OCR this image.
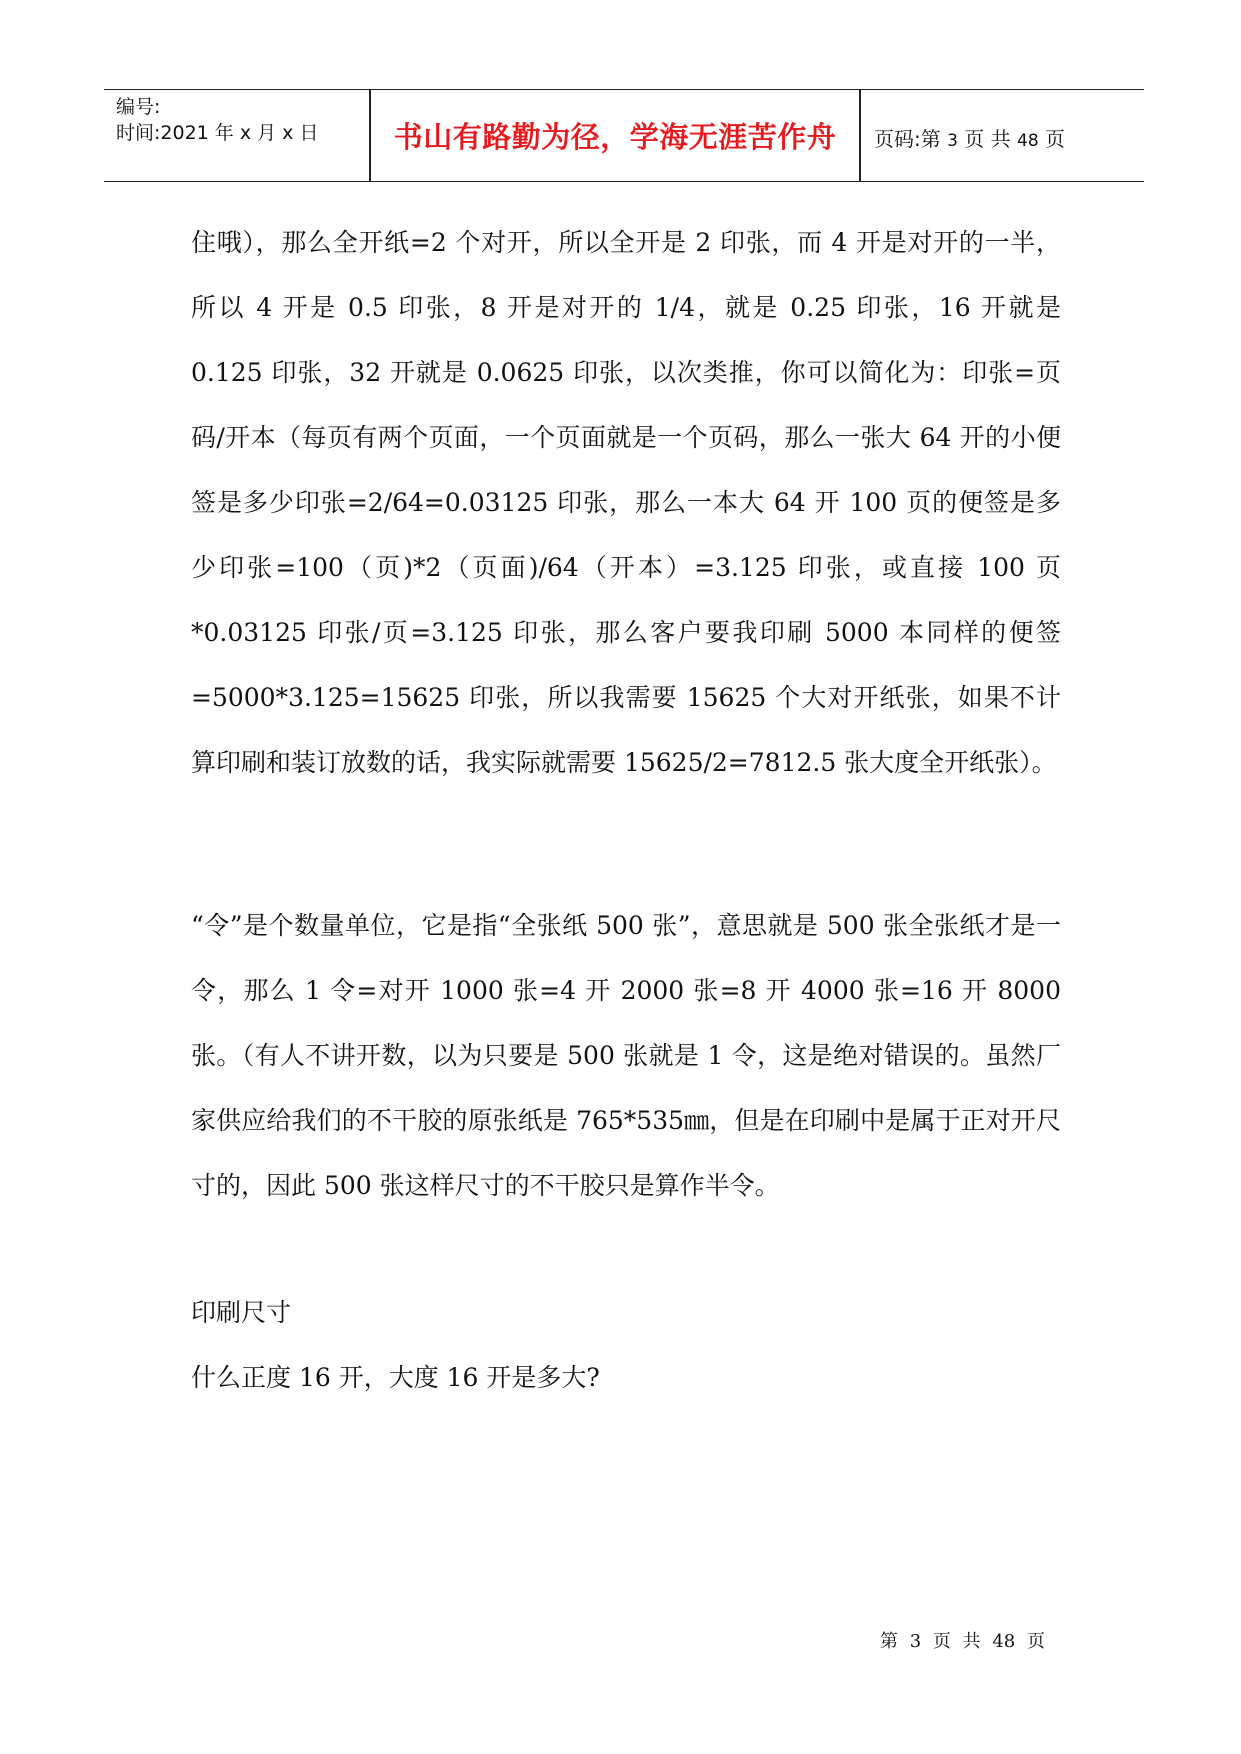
编号:
时间:2021 年 x 月 x 日	书山有路勤为径，学海无涯苦作舟	页码:第 3 页 共 48 页

住哦），那么全开纸=2 个对开，所以全开是 2 印张，而 4 开是对开的一半，所以 4 开是 0.5 印张，8 开是对开的 1/4，就是 0.25 印张，16 开就是 0.125 印张，32 开就是 0.0625 印张，以次类推，你可以简化为：印张=页码/开本（每页有两个页面，一个页面就是一个页码，那么一张大 64 开的小便签是多少印张=2/64=0.03125 印张，那么一本大 64 开 100 页的便签是多少印张=100（页)*2（页面)/64（开本）=3.125 印张，或直接 100 页*0.03125 印张/页=3.125 印张，那么客户要我印刷 5000 本同样的便签=5000*3.125=15625 印张，所以我需要 15625 个大对开纸张，如果不计算印刷和装订放数的话，我实际就需要 15625/2=7812.5 张大度全开纸张）。

“令”是个数量单位，它是指“全张纸 500 张”，意思就是 500 张全张纸才是一令，那么 1 令=对开 1000 张=4 开 2000 张=8 开 4000 张=16 开 8000 张。（有人不讲开数，以为只要是 500 张就是 1 令，这是绝对错误的。虽然厂家供应给我们的不干胶的原张纸是 765*535㎜，但是在印刷中是属于正对开尺寸的，因此 500 张这样尺寸的不干胶只是算作半令。

印刷尺寸

什么正度 16 开，大度 16 开是多大?

第 3 页 共 48 页
